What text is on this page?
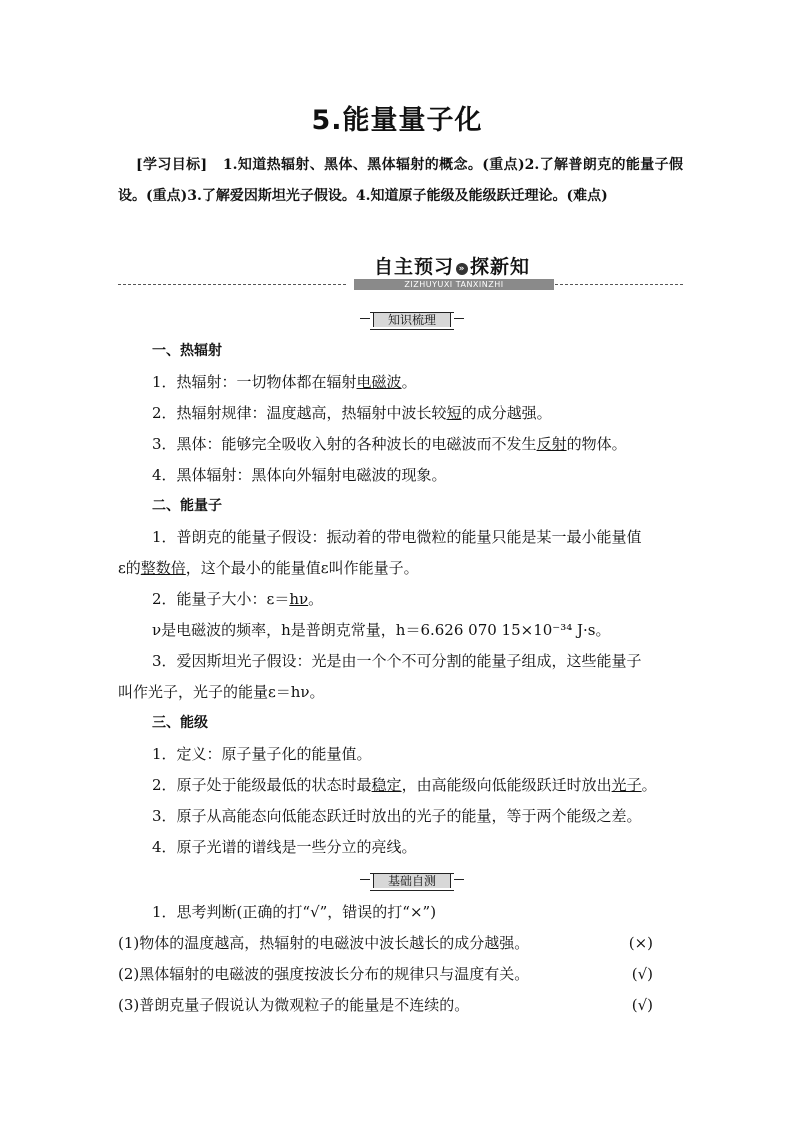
5.能量量子化
[学习目标] 1.知道热辐射、黑体、黑体辐射的概念。(重点)2.了解普朗克的能量子假设。(重点)3.了解爱因斯坦光子假设。4.知道原子能级及能级跃迁理论。(难点)
自主预习 » 探新知
ZIZHUYUXI TANXINZHI
知识梳理
一、热辐射
1．热辐射：一切物体都在辐射电磁波。
2．热辐射规律：温度越高，热辐射中波长较短的成分越强。
3．黑体：能够完全吸收入射的各种波长的电磁波而不发生反射的物体。
4．黑体辐射：黑体向外辐射电磁波的现象。
二、能量子
1．普朗克的能量子假设：振动着的带电微粒的能量只能是某一最小能量值
ε的整数倍，这个最小的能量值ε叫作能量子。
2．能量子大小：ε＝hν。
ν是电磁波的频率，h是普朗克常量，h＝6.626 070 15×10⁻³⁴ J·s。
3．爱因斯坦光子假设：光是由一个个不可分割的能量子组成，这些能量子
叫作光子，光子的能量ε＝hν。
三、能级
1．定义：原子量子化的能量值。
2．原子处于能级最低的状态时最稳定，由高能级向低能级跃迁时放出光子。
3．原子从高能态向低能态跃迁时放出的光子的能量，等于两个能级之差。
4．原子光谱的谱线是一些分立的亮线。
基础自测
1．思考判断(正确的打“√”，错误的打“×”)
(1)物体的温度越高，热辐射的电磁波中波长越长的成分越强。	(×)
(2)黑体辐射的电磁波的强度按波长分布的规律只与温度有关。	(√)
(3)普朗克量子假说认为微观粒子的能量是不连续的。	(√)
